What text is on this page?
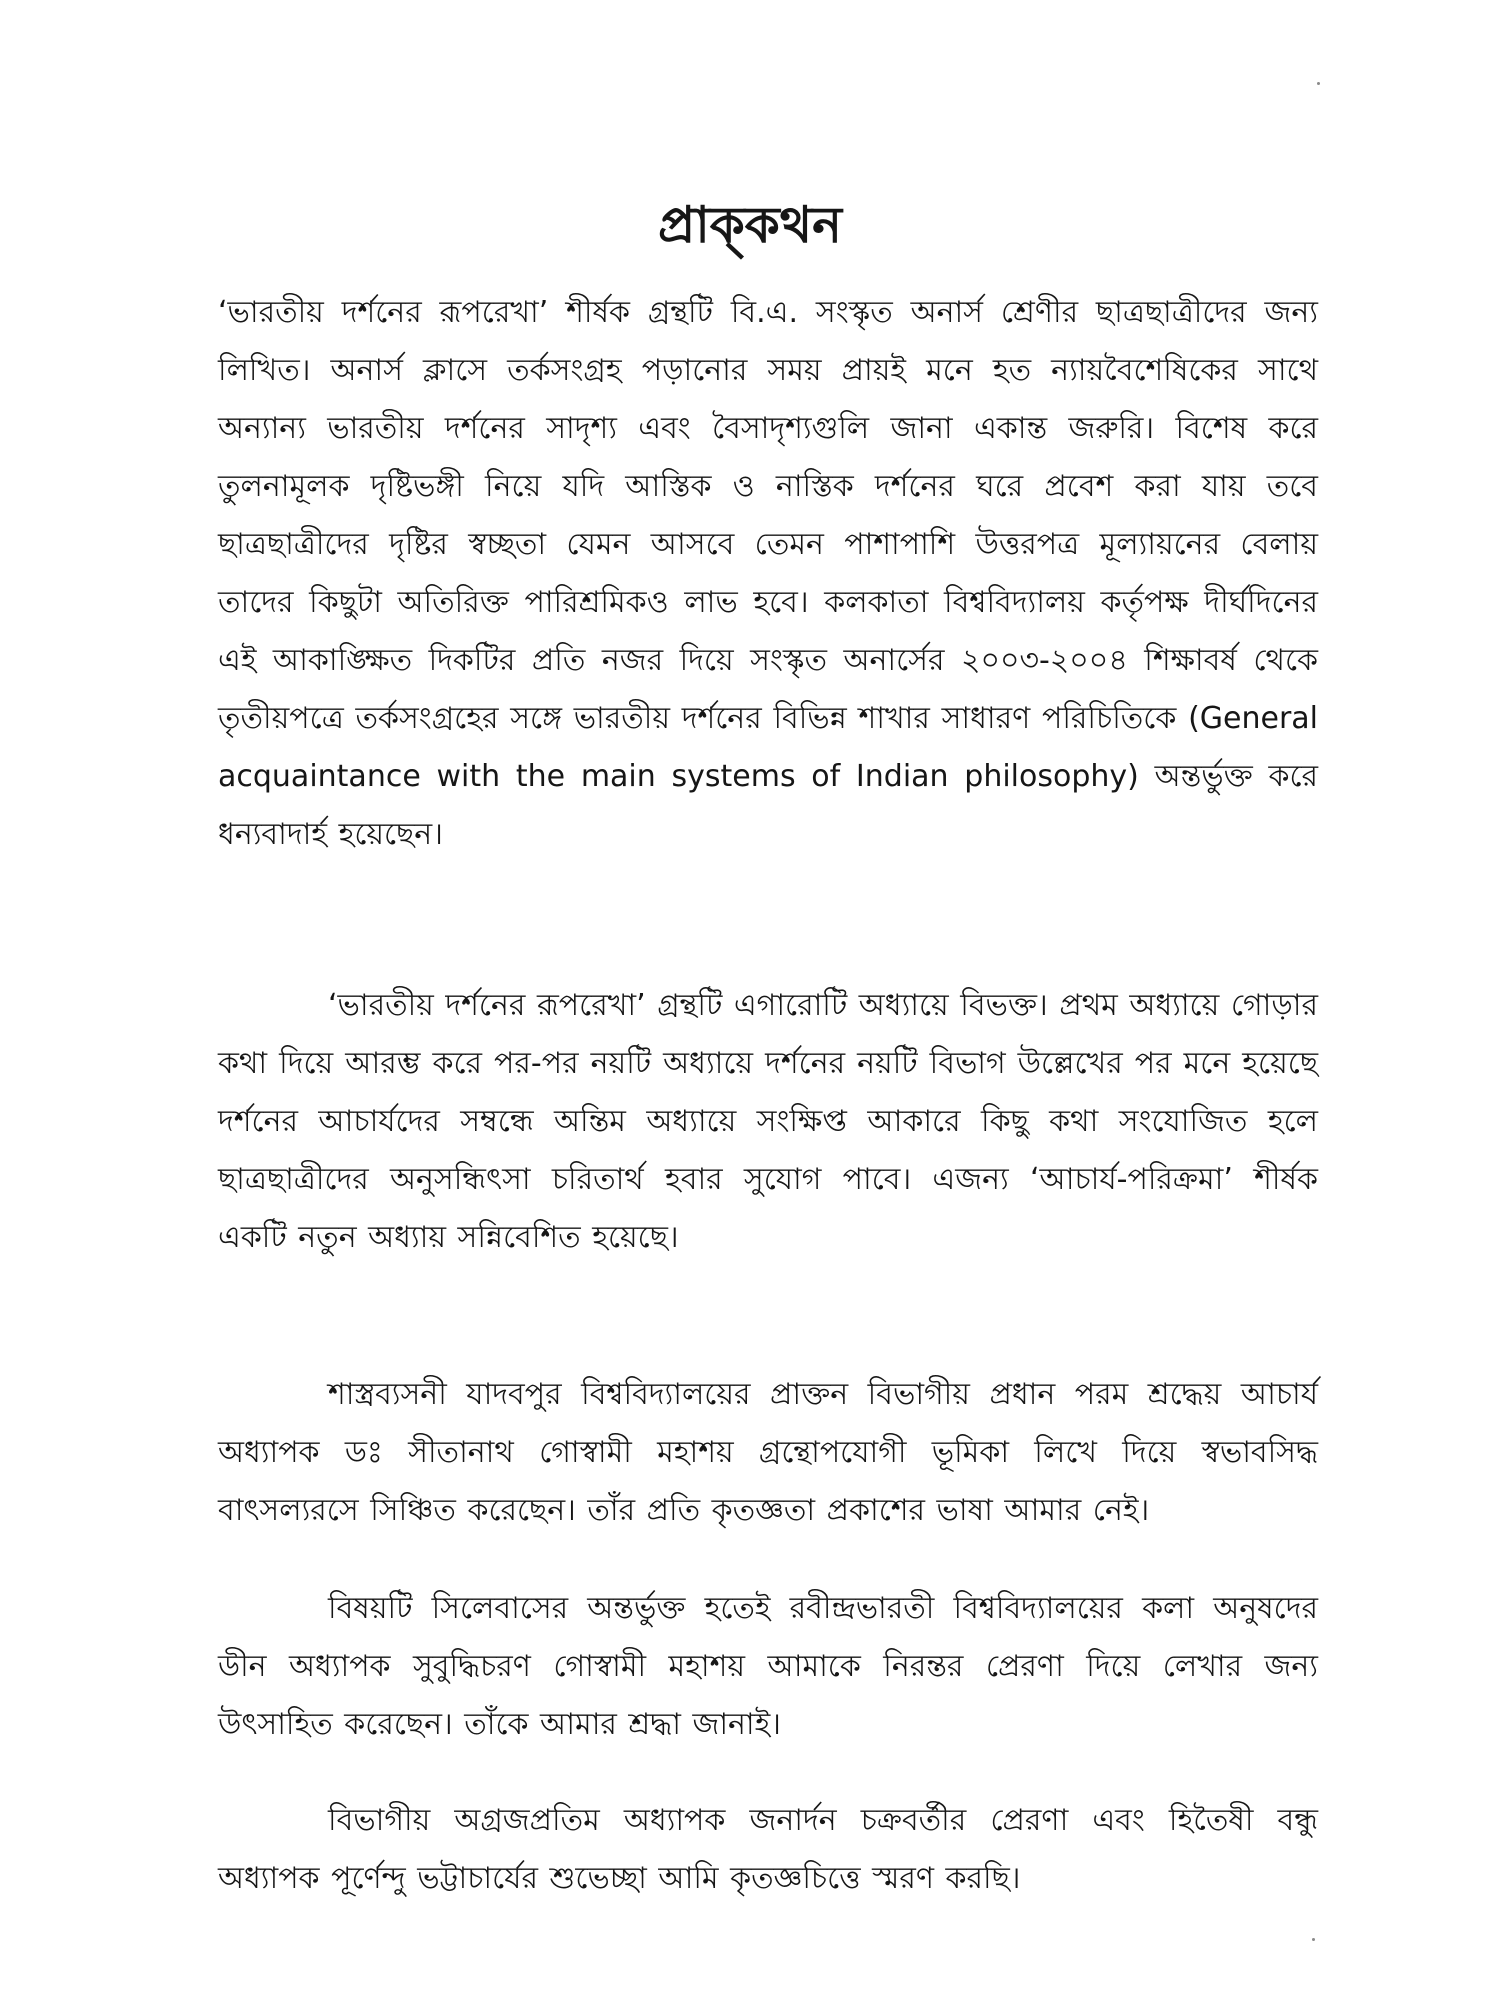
প্রাক্‌কথন

‘ভারতীয় দর্শনের রূপরেখা’ শীর্ষক গ্রন্থটি বি.এ. সংস্কৃত অনার্স শ্রেণীর ছাত্রছাত্রীদের জন্য লিখিত। অনার্স ক্লাসে তর্কসংগ্রহ পড়ানোর সময় প্রায়ই মনে হত ন্যায়বৈশেষিকের সাথে অন্যান্য ভারতীয় দর্শনের সাদৃশ্য এবং বৈসাদৃশ্যগুলি জানা একান্ত জরুরি। বিশেষ করে তুলনামূলক দৃষ্টিভঙ্গী নিয়ে যদি আস্তিক ও নাস্তিক দর্শনের ঘরে প্রবেশ করা যায় তবে ছাত্রছাত্রীদের দৃষ্টির স্বচ্ছতা যেমন আসবে তেমন পাশাপাশি উত্তরপত্র মূল্যায়নের বেলায় তাদের কিছুটা অতিরিক্ত পারিশ্রমিকও লাভ হবে। কলকাতা বিশ্ববিদ্যালয় কর্তৃপক্ষ দীর্ঘদিনের এই আকাঙ্ক্ষিত দিকটির প্রতি নজর দিয়ে সংস্কৃত অনার্সের ২০০৩-২০০৪ শিক্ষাবর্ষ থেকে তৃতীয়পত্রে তর্কসংগ্রহের সঙ্গে ভারতীয় দর্শনের বিভিন্ন শাখার সাধারণ পরিচিতিকে (General acquaintance with the main systems of Indian philosophy) অন্তর্ভুক্ত করে ধন্যবাদার্হ হয়েছেন।

‘ভারতীয় দর্শনের রূপরেখা’ গ্রন্থটি এগারোটি অধ্যায়ে বিভক্ত। প্রথম অধ্যায়ে গোড়ার কথা দিয়ে আরম্ভ করে পর-পর নয়টি অধ্যায়ে দর্শনের নয়টি বিভাগ উল্লেখের পর মনে হয়েছে দর্শনের আচার্যদের সম্বন্ধে অন্তিম অধ্যায়ে সংক্ষিপ্ত আকারে কিছু কথা সংযোজিত হলে ছাত্রছাত্রীদের অনুসন্ধিৎসা চরিতার্থ হবার সুযোগ পাবে। এজন্য ‘আচার্য-পরিক্রমা’ শীর্ষক একটি নতুন অধ্যায় সন্নিবেশিত হয়েছে।

শাস্ত্রব্যসনী যাদবপুর বিশ্ববিদ্যালয়ের প্রাক্তন বিভাগীয় প্রধান পরম শ্রদ্ধেয় আচার্য অধ্যাপক ডঃ সীতানাথ গোস্বামী মহাশয় গ্রন্থোপযোগী ভূমিকা লিখে দিয়ে স্বভাবসিদ্ধ বাৎসল্যরসে সিঞ্চিত করেছেন। তাঁর প্রতি কৃতজ্ঞতা প্রকাশের ভাষা আমার নেই।

বিষয়টি সিলেবাসের অন্তর্ভুক্ত হতেই রবীন্দ্রভারতী বিশ্ববিদ্যালয়ের কলা অনুষদের ডীন অধ্যাপক সুবুদ্ধিচরণ গোস্বামী মহাশয় আমাকে নিরন্তর প্রেরণা দিয়ে লেখার জন্য উৎসাহিত করেছেন। তাঁকে আমার শ্রদ্ধা জানাই।

বিভাগীয় অগ্রজপ্রতিম অধ্যাপক জনার্দন চক্রবর্তীর প্রেরণা এবং হিতৈষী বন্ধু অধ্যাপক পূর্ণেন্দু ভট্টাচার্যের শুভেচ্ছা আমি কৃতজ্ঞচিত্তে স্মরণ করছি।
